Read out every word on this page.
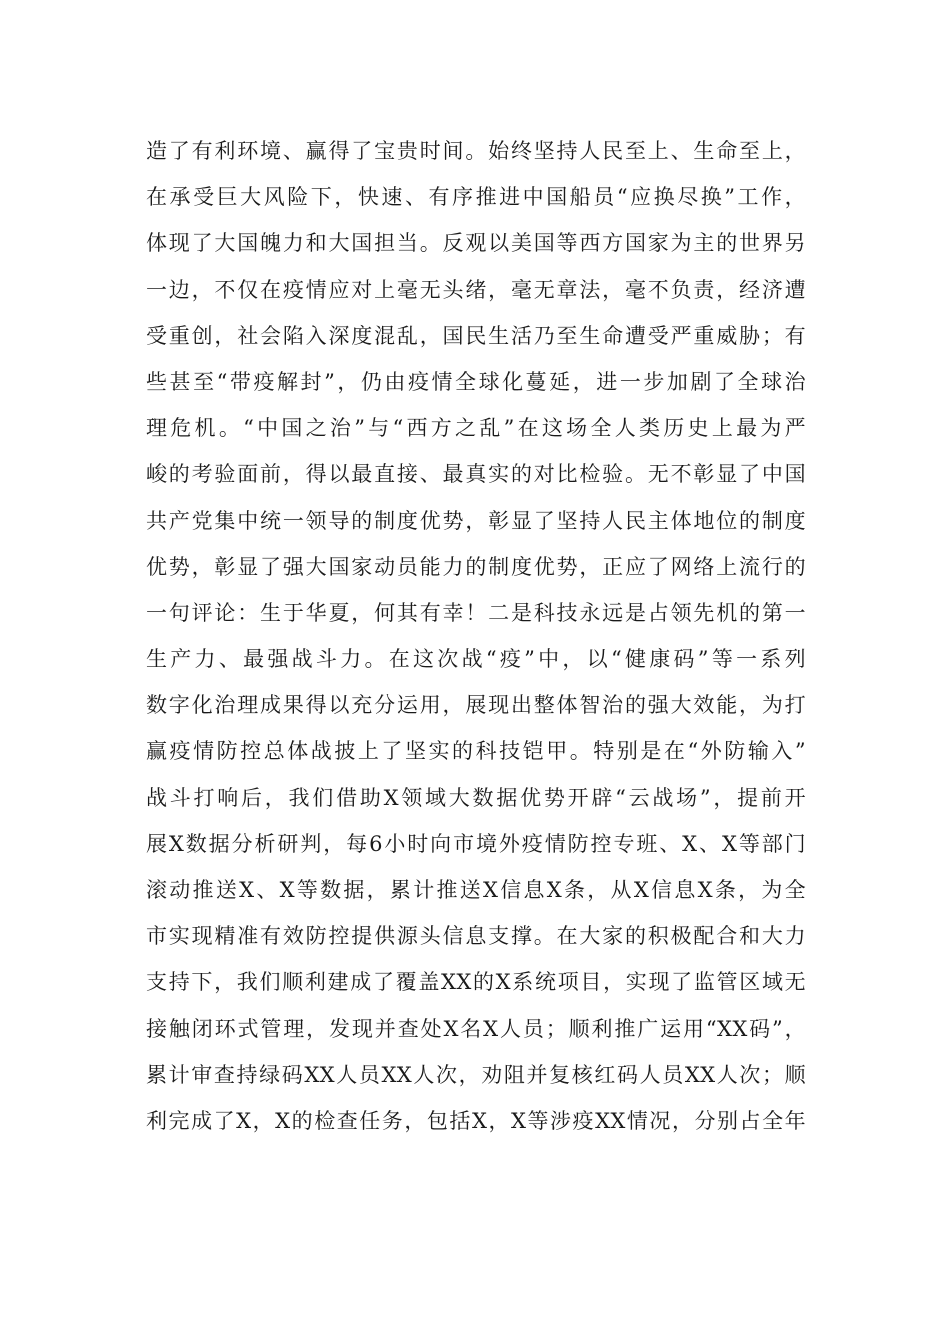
造了有利环境、赢得了宝贵时间。始终坚持人民至上、生命至上，
在承受巨大风险下，快速、有序推进中国船员“应换尽换”工作，
体现了大国魄力和大国担当。反观以美国等西方国家为主的世界另
一边，不仅在疫情应对上毫无头绪，毫无章法，毫不负责，经济遭
受重创，社会陷入深度混乱，国民生活乃至生命遭受严重威胁；有
些甚至“带疫解封”，仍由疫情全球化蔓延，进一步加剧了全球治
理危机。“中国之治”与“西方之乱”在这场全人类历史上最为严
峻的考验面前，得以最直接、最真实的对比检验。无不彰显了中国
共产党集中统一领导的制度优势，彰显了坚持人民主体地位的制度
优势，彰显了强大国家动员能力的制度优势，正应了网络上流行的
一句评论：生于华夏，何其有幸！二是科技永远是占领先机的第一
生产力、最强战斗力。在这次战“疫”中，以“健康码”等一系列
数字化治理成果得以充分运用，展现出整体智治的强大效能，为打
赢疫情防控总体战披上了坚实的科技铠甲。特别是在“外防输入”
战斗打响后，我们借助X领域大数据优势开辟“云战场”，提前开
展X数据分析研判，每6小时向市境外疫情防控专班、X、X等部门
滚动推送X、X等数据，累计推送X信息X条，从X信息X条，为全
市实现精准有效防控提供源头信息支撑。在大家的积极配合和大力
支持下，我们顺利建成了覆盖XX的X系统项目，实现了监管区域无
接触闭环式管理，发现并查处X名X人员；顺利推广运用“XX码”，
累计审查持绿码XX人员XX人次，劝阻并复核红码人员XX人次；顺
利完成了X，X的检查任务，包括X，X等涉疫XX情况，分别占全年
